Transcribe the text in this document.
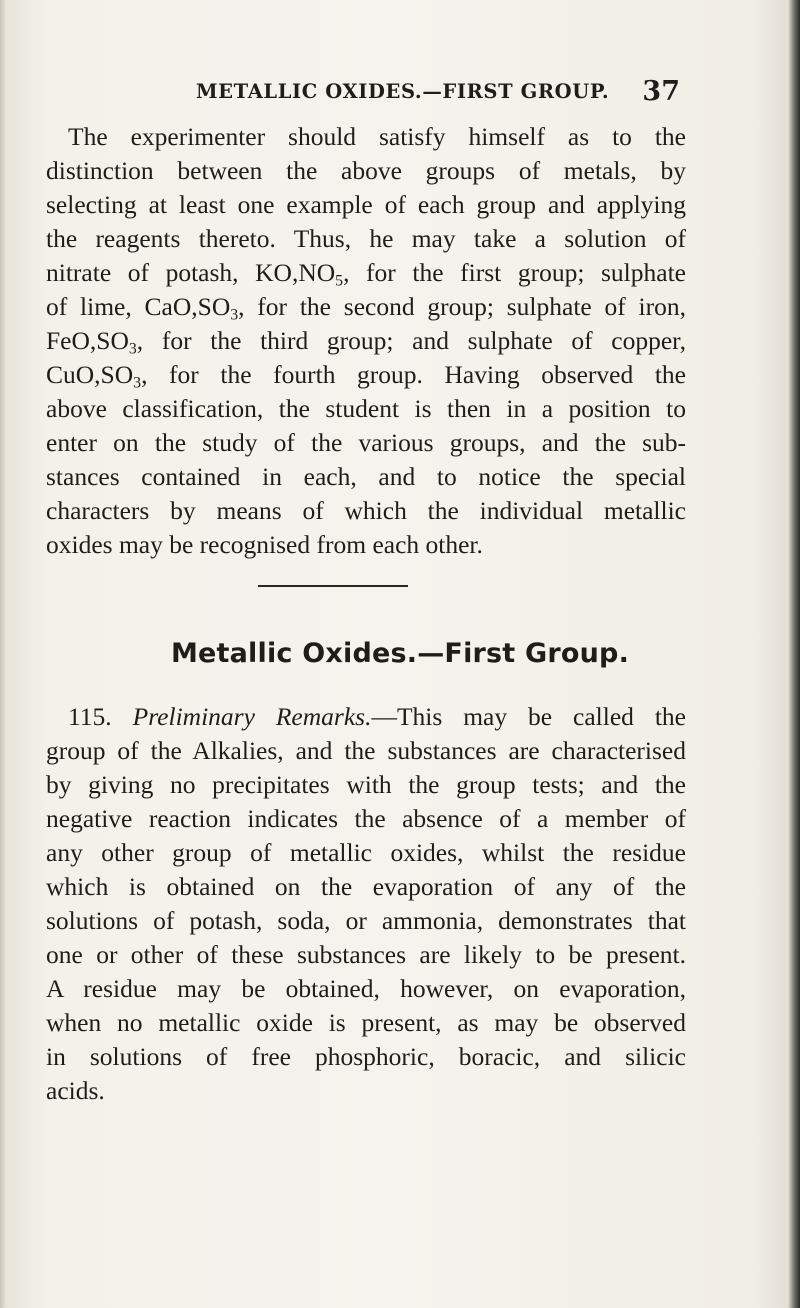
METALLIC OXIDES.—FIRST GROUP. 37
The experimenter should satisfy himself as to the
distinction between the above groups of metals, by
selecting at least one example of each group and applying
the reagents thereto. Thus, he may take a solution of
nitrate of potash, $KO,NO_5$, for the first group; sulphate
of lime, $CaO,SO_3$, for the second group; sulphate of iron,
$FeO,SO_3$, for the third group; and sulphate of copper,
$CuO,SO_3$, for the fourth group. Having observed the
above classification, the student is then in a position to
enter on the study of the various groups, and the sub-
stances contained in each, and to notice the special
characters by means of which the individual metallic
oxides may be recognised from each other.
Metallic Oxides.—First Group.
115. Preliminary Remarks.—This may be called the
group of the Alkalies, and the substances are characterised
by giving no precipitates with the group tests; and the
negative reaction indicates the absence of a member of
any other group of metallic oxides, whilst the residue
which is obtained on the evaporation of any of the
solutions of potash, soda, or ammonia, demonstrates that
one or other of these substances are likely to be present.
A residue may be obtained, however, on evaporation,
when no metallic oxide is present, as may be observed
in solutions of free phosphoric, boracic, and silicic
acids.
